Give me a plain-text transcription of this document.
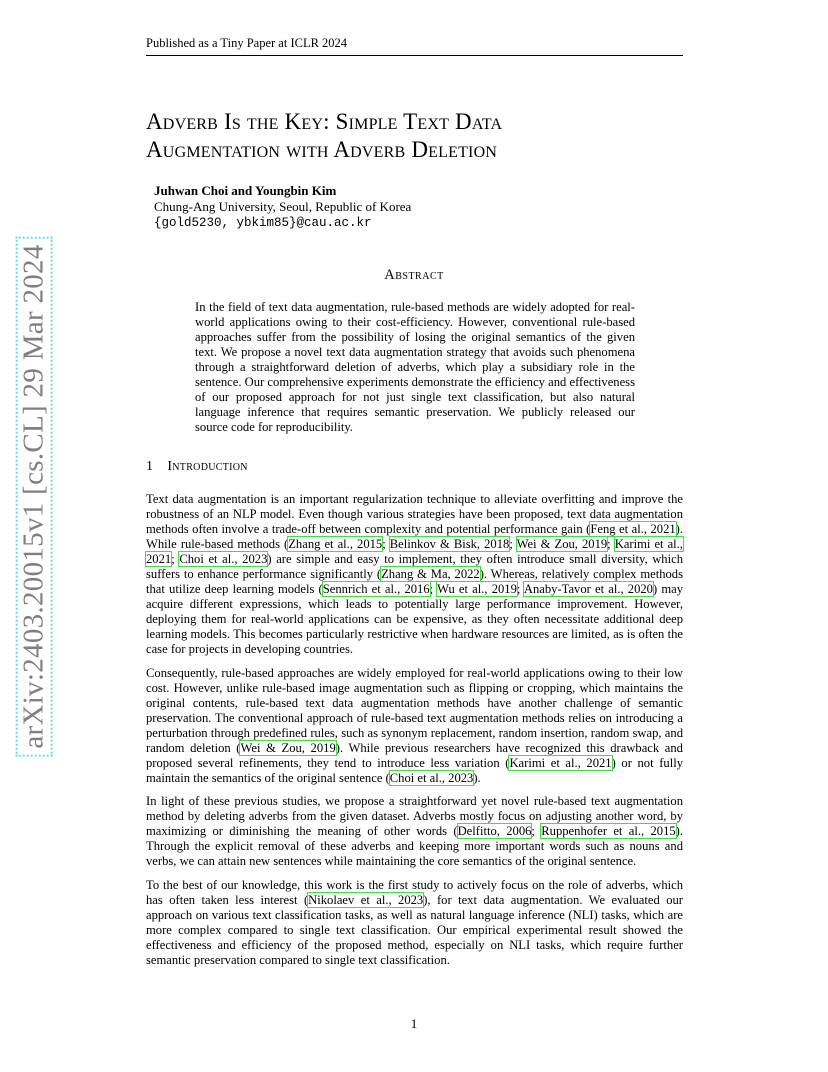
Published as a Tiny Paper at ICLR 2024
arXiv:2403.20015v1 [cs.CL] 29 Mar 2024
Adverb Is the Key: Simple Text Data
Augmentation with Adverb Deletion
Juhwan Choi and Youngbin Kim
Chung-Ang University, Seoul, Republic of Korea
{gold5230, ybkim85}@cau.ac.kr
Abstract
In the field of text data augmentation, rule-based methods are widely adopted for real-world applications owing to their cost-efficiency. However, conventional rule-based approaches suffer from the possibility of losing the original semantics of the given text. We propose a novel text data augmentation strategy that avoids such phenomena through a straightforward deletion of adverbs, which play a subsidiary role in the sentence. Our comprehensive experiments demonstrate the efficiency and effectiveness of our proposed approach for not just single text classification, but also natural language inference that requires semantic preservation. We publicly released our source code for reproducibility.
1 Introduction

Text data augmentation is an important regularization technique to alleviate overfitting and improve the robustness of an NLP model. Even though various strategies have been proposed, text data augmentation methods often involve a trade-off between complexity and potential performance gain (Feng et al., 2021). While rule-based methods (Zhang et al., 2015; Belinkov & Bisk, 2018; Wei & Zou, 2019; Karimi et al., 2021; Choi et al., 2023) are simple and easy to implement, they often introduce small diversity, which suffers to enhance performance significantly (Zhang & Ma, 2022). Whereas, relatively complex methods that utilize deep learning models (Sennrich et al., 2016; Wu et al., 2019; Anaby-Tavor et al., 2020) may acquire different expressions, which leads to potentially large performance improvement. However, deploying them for real-world applications can be expensive, as they often necessitate additional deep learning models. This becomes particularly restrictive when hardware resources are limited, as is often the case for projects in developing countries.

Consequently, rule-based approaches are widely employed for real-world applications owing to their low cost. However, unlike rule-based image augmentation such as flipping or cropping, which maintains the original contents, rule-based text data augmentation methods have another challenge of semantic preservation. The conventional approach of rule-based text augmentation methods relies on introducing a perturbation through predefined rules, such as synonym replacement, random insertion, random swap, and random deletion (Wei & Zou, 2019). While previous researchers have recognized this drawback and proposed several refinements, they tend to introduce less variation (Karimi et al., 2021) or not fully maintain the semantics of the original sentence (Choi et al., 2023).

In light of these previous studies, we propose a straightforward yet novel rule-based text augmentation method by deleting adverbs from the given dataset. Adverbs mostly focus on adjusting another word, by maximizing or diminishing the meaning of other words (Delfitto, 2006; Ruppenhofer et al., 2015). Through the explicit removal of these adverbs and keeping more important words such as nouns and verbs, we can attain new sentences while maintaining the core semantics of the original sentence.

To the best of our knowledge, this work is the first study to actively focus on the role of adverbs, which has often taken less interest (Nikolaev et al., 2023), for text data augmentation. We evaluated our approach on various text classification tasks, as well as natural language inference (NLI) tasks, which are more complex compared to single text classification. Our empirical experimental result showed the effectiveness and efficiency of the proposed method, especially on NLI tasks, which require further semantic preservation compared to single text classification.

1
